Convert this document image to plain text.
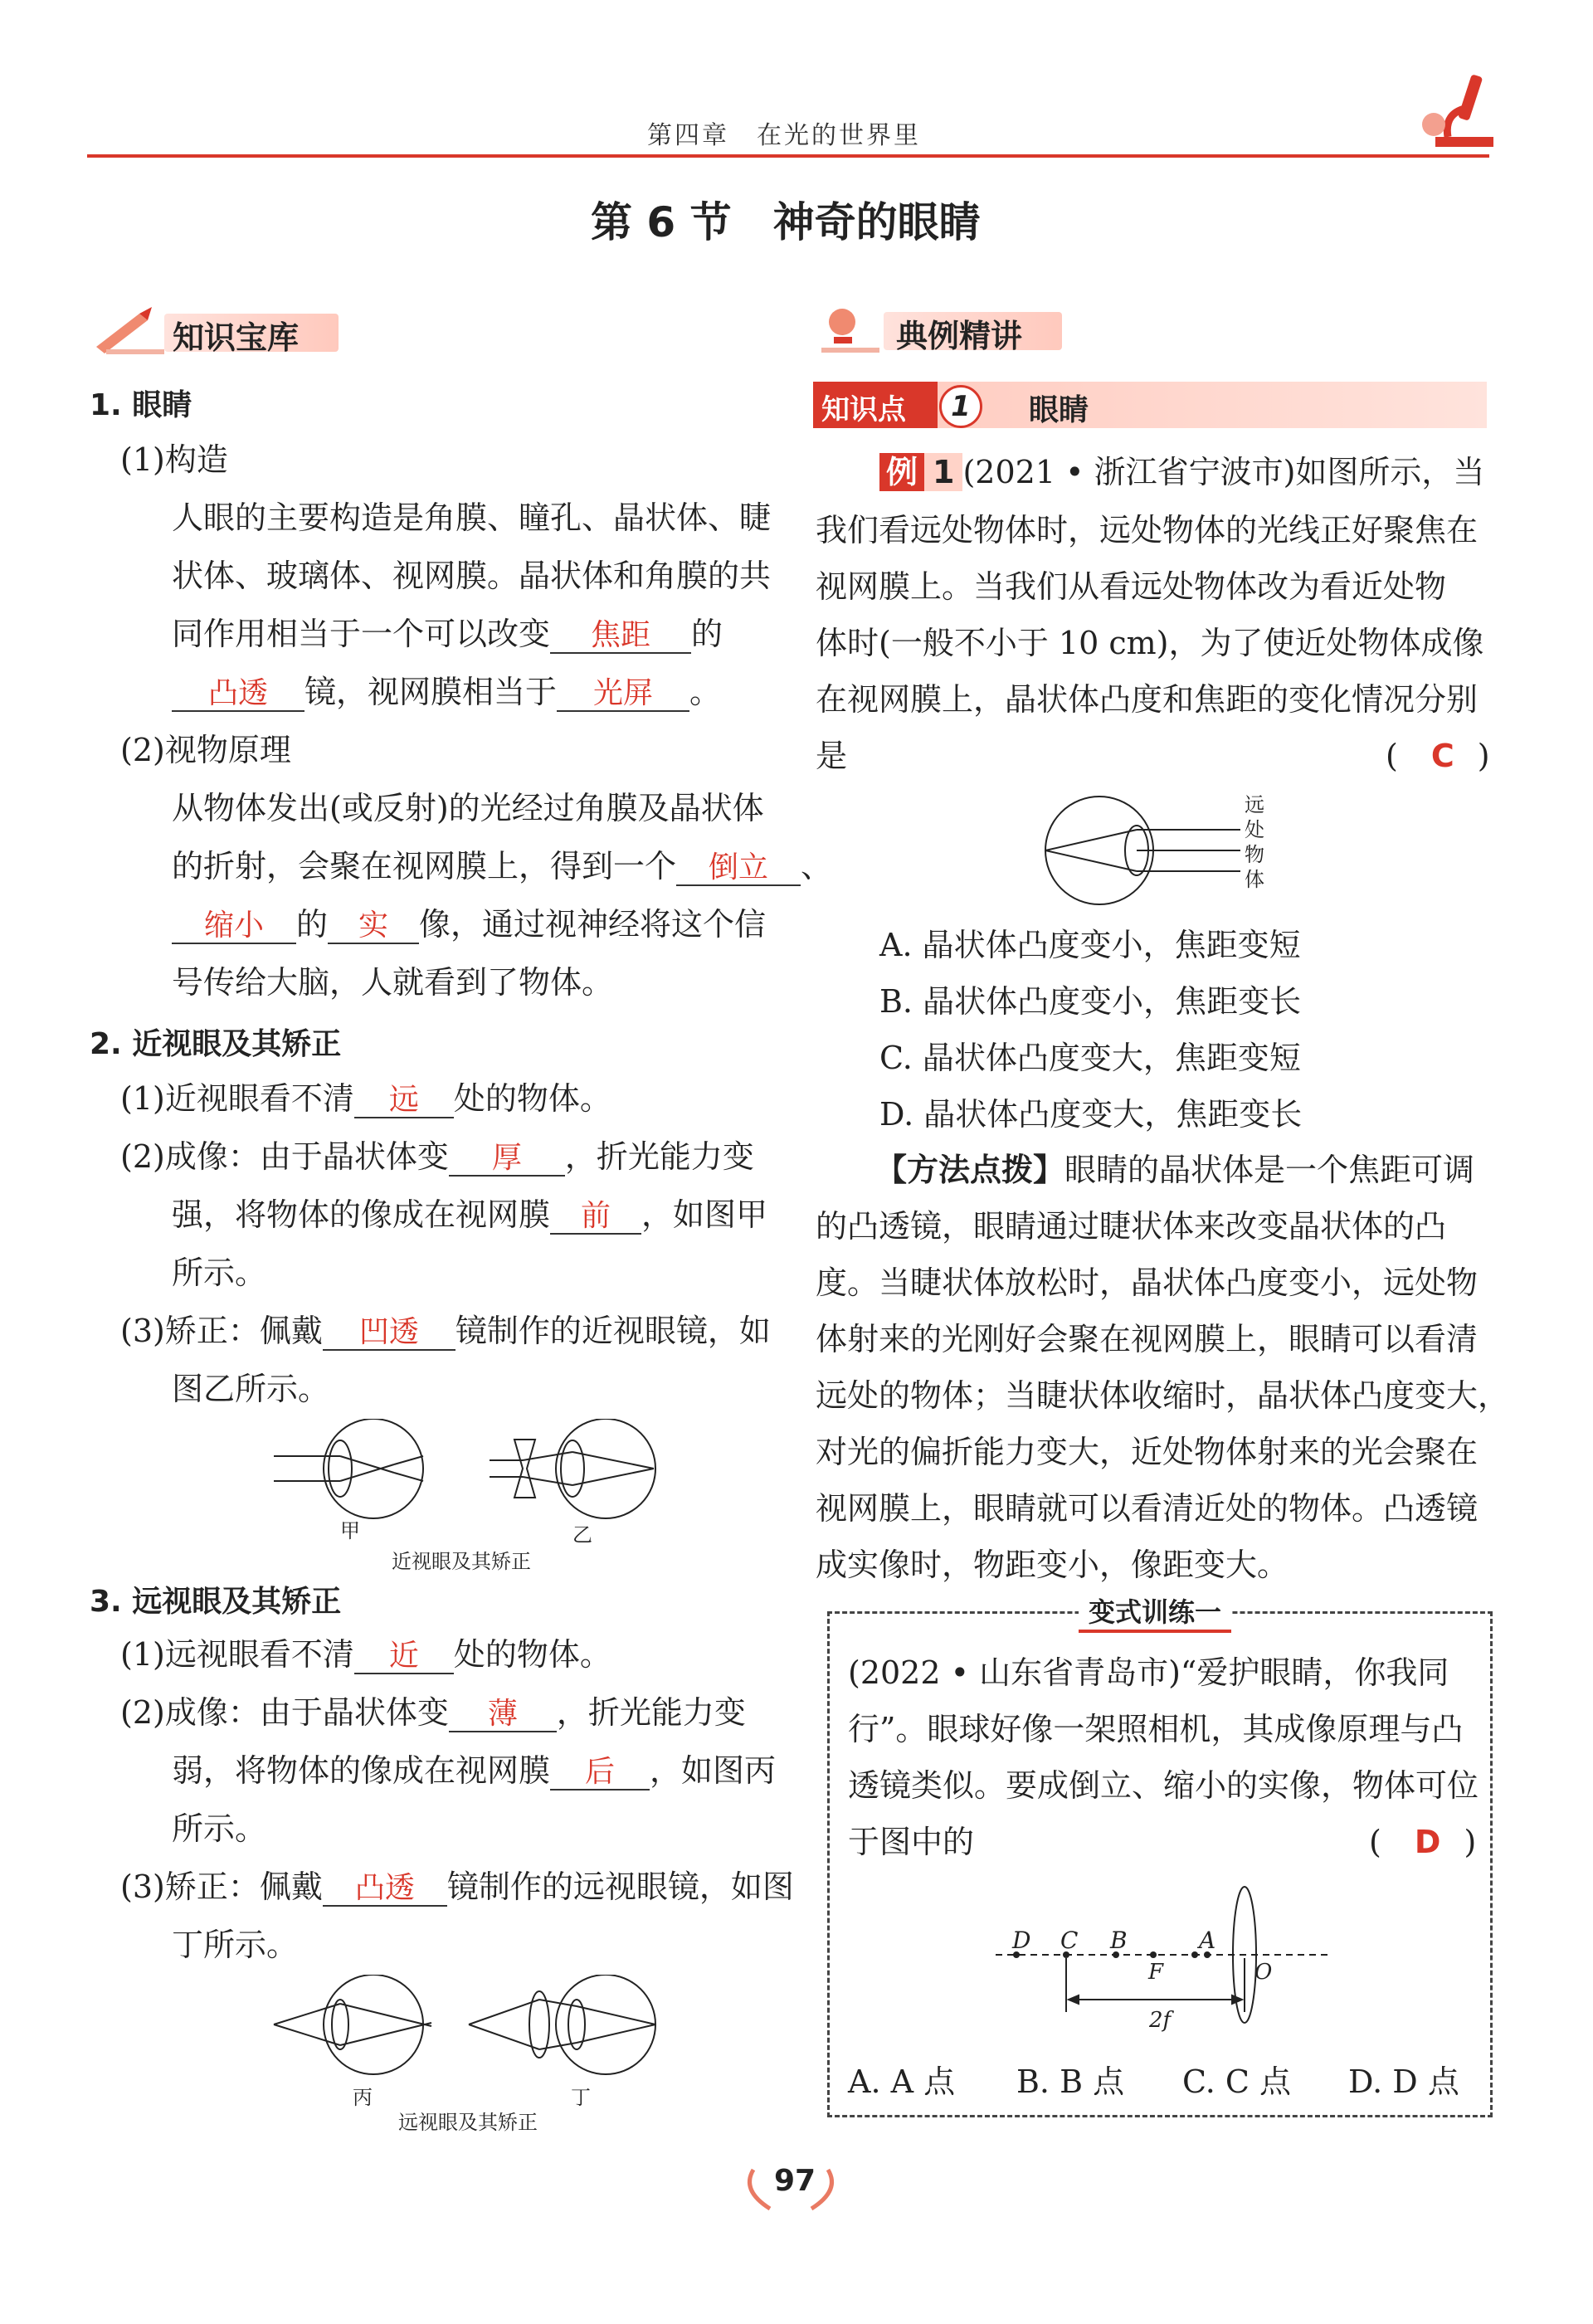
第四章　在光的世界里
第 6 节　神奇的眼睛
知识宝库
1. 眼睛
(1)构造
人眼的主要构造是角膜、瞳孔、晶状体、睫
状体、玻璃体、视网膜。晶状体和角膜的共
同作用相当于一个可以改变 焦距 的
凸透 镜，视网膜相当于 光屏 。
(2)视物原理
从物体发出(或反射)的光经过角膜及晶状体
的折射，会聚在视网膜上，得到一个 倒立 、
缩小 的 实 像，通过视神经将这个信
号传给大脑，人就看到了物体。
2. 近视眼及其矫正
(1)近视眼看不清 远 处的物体。
(2)成像：由于晶状体变 厚 ，折光能力变
强，将物体的像成在视网膜 前 ，如图甲
所示。
(3)矫正：佩戴 凹透 镜制作的近视眼镜，如
图乙所示。
甲	乙
近视眼及其矫正
3. 远视眼及其矫正
(1)远视眼看不清 近 处的物体。
(2)成像：由于晶状体变 薄 ，折光能力变
弱，将物体的像成在视网膜 后 ，如图丙
所示。
(3)矫正：佩戴 凸透 镜制作的远视眼镜，如图
丁所示。
丙	丁
远视眼及其矫正
典例精讲
知识点	1	眼睛
例 1 (2021 • 浙江省宁波市)如图所示，当
我们看远处物体时，远处物体的光线正好聚焦在
视网膜上。当我们从看远处物体改为看近处物
体时(一般不小于 10 cm)，为了使近处物体成像
在视网膜上，晶状体凸度和焦距的变化情况分别
是	( C )
远处物体
A. 晶状体凸度变小，焦距变短
B. 晶状体凸度变小，焦距变长
C. 晶状体凸度变大，焦距变短
D. 晶状体凸度变大，焦距变长
【方法点拨】眼睛的晶状体是一个焦距可调
的凸透镜，眼睛通过睫状体来改变晶状体的凸
度。当睫状体放松时，晶状体凸度变小，远处物
体射来的光刚好会聚在视网膜上，眼睛可以看清
远处的物体；当睫状体收缩时，晶状体凸度变大，
对光的偏折能力变大，近处物体射来的光会聚在
视网膜上，眼睛就可以看清近处的物体。凸透镜
成实像时，物距变小，像距变大。
变式训练一
(2022 • 山东省青岛市)“爱护眼睛，你我同
行”。眼球好像一架照相机，其成像原理与凸
透镜类似。要成倒立、缩小的实像，物体可位
于图中的	( D )
D C B	A
F	O
2f
A. A 点 B. B 点 C. C 点 D. D 点
97
